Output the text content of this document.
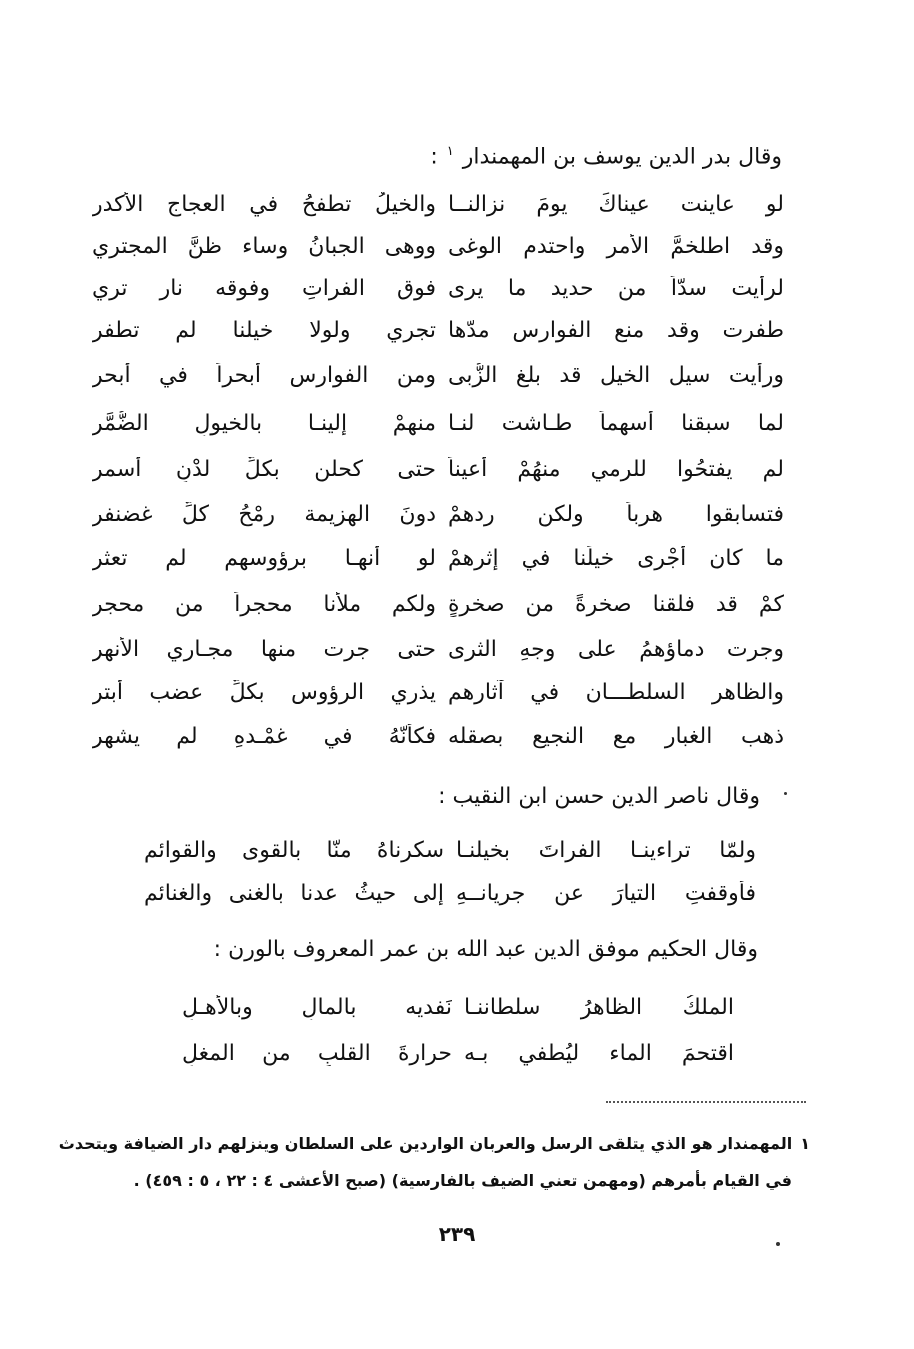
وقال بدر الدين يوسف بن المهمندار $^١$ :
لو عاينت عيناكَ يومَ نزالنــا
والخيلُ تطفحُ في العجاج الأكدرِ
وقد اطلخمَّ الأمر واحتدم الوغى
ووهى الجبانُ وساء ظنَّ المجتري
لرأيت سدّاً من حديد ما يرى
فوق الفراتِ وفوقه نار تري
طفرت وقد منع الفوارس مدّها
تجري ولولا خيلنا لم تطفر
ورأيت سيل الخيل قد بلغ الزُّبى
ومن الفوارس أبحراً في أبحر
لما سبقنا أسهماً طـاشت لنـا
منهمْ إلينـا بالخيولِ الضُّمَّر
لم يفتحُوا للرمي منهُمْ أعيناً
حتى كحلن بكلِّ لدْنٍ أسمر
فتسابقوا هرباً ولكن ردهمْ
دونَ الهزيمة رمْحُ كلِّ غضنفر
ما كان أجْرى خيلَنا في إثرهمْ
لو أنهـا برؤوسهم لم تعثر
كمْ قد فلقنا صخرةً من صخرةٍ
ولكم ملأنا محجراً من محجر
وجرت دماؤهمُ على وجهِ الثرى
حتى جرت منها مجـاري الأنهر
والظاهر السلطـــان في آثارهم
يذري الرؤوس بكلِّ عضب أبتر
ذهب الغبار مع النجيع بصقله
فكأنّهُ في غمْـدهِ لم يشهر
وقال ناصر الدين حسن ابن النقيب :
ولمّا تراءينـا الفراتَ بخيلنـا
سكرناهُ منّا بالقوى والقوائمِ
فأوقفتِ التيارَ عن جريانــهِ
إلى حيثُ عدنا بالغنى والغنائم
وقال الحكيم موفق الدين عبد الله بن عمر المعروف بالورن :
الملكُ الظاهرُ سلطاننـا
نَفديه بالمالِ وبالأهـلِ
اقتحمَ الماء ليُطفي بـه
حرارةَ القلبِ من المغلِ
١المهمندار هو الذي يتلقى الرسل والعربان الواردين على السلطان وينزلهم دار الضيافة ويتحدث
في القيام بأمرهم (ومهمن تعني الضيف بالفارسية) (صبح الأعشى ٤ : ٢٢ ، ٥ : ٤٥٩) .
٢٣٩
